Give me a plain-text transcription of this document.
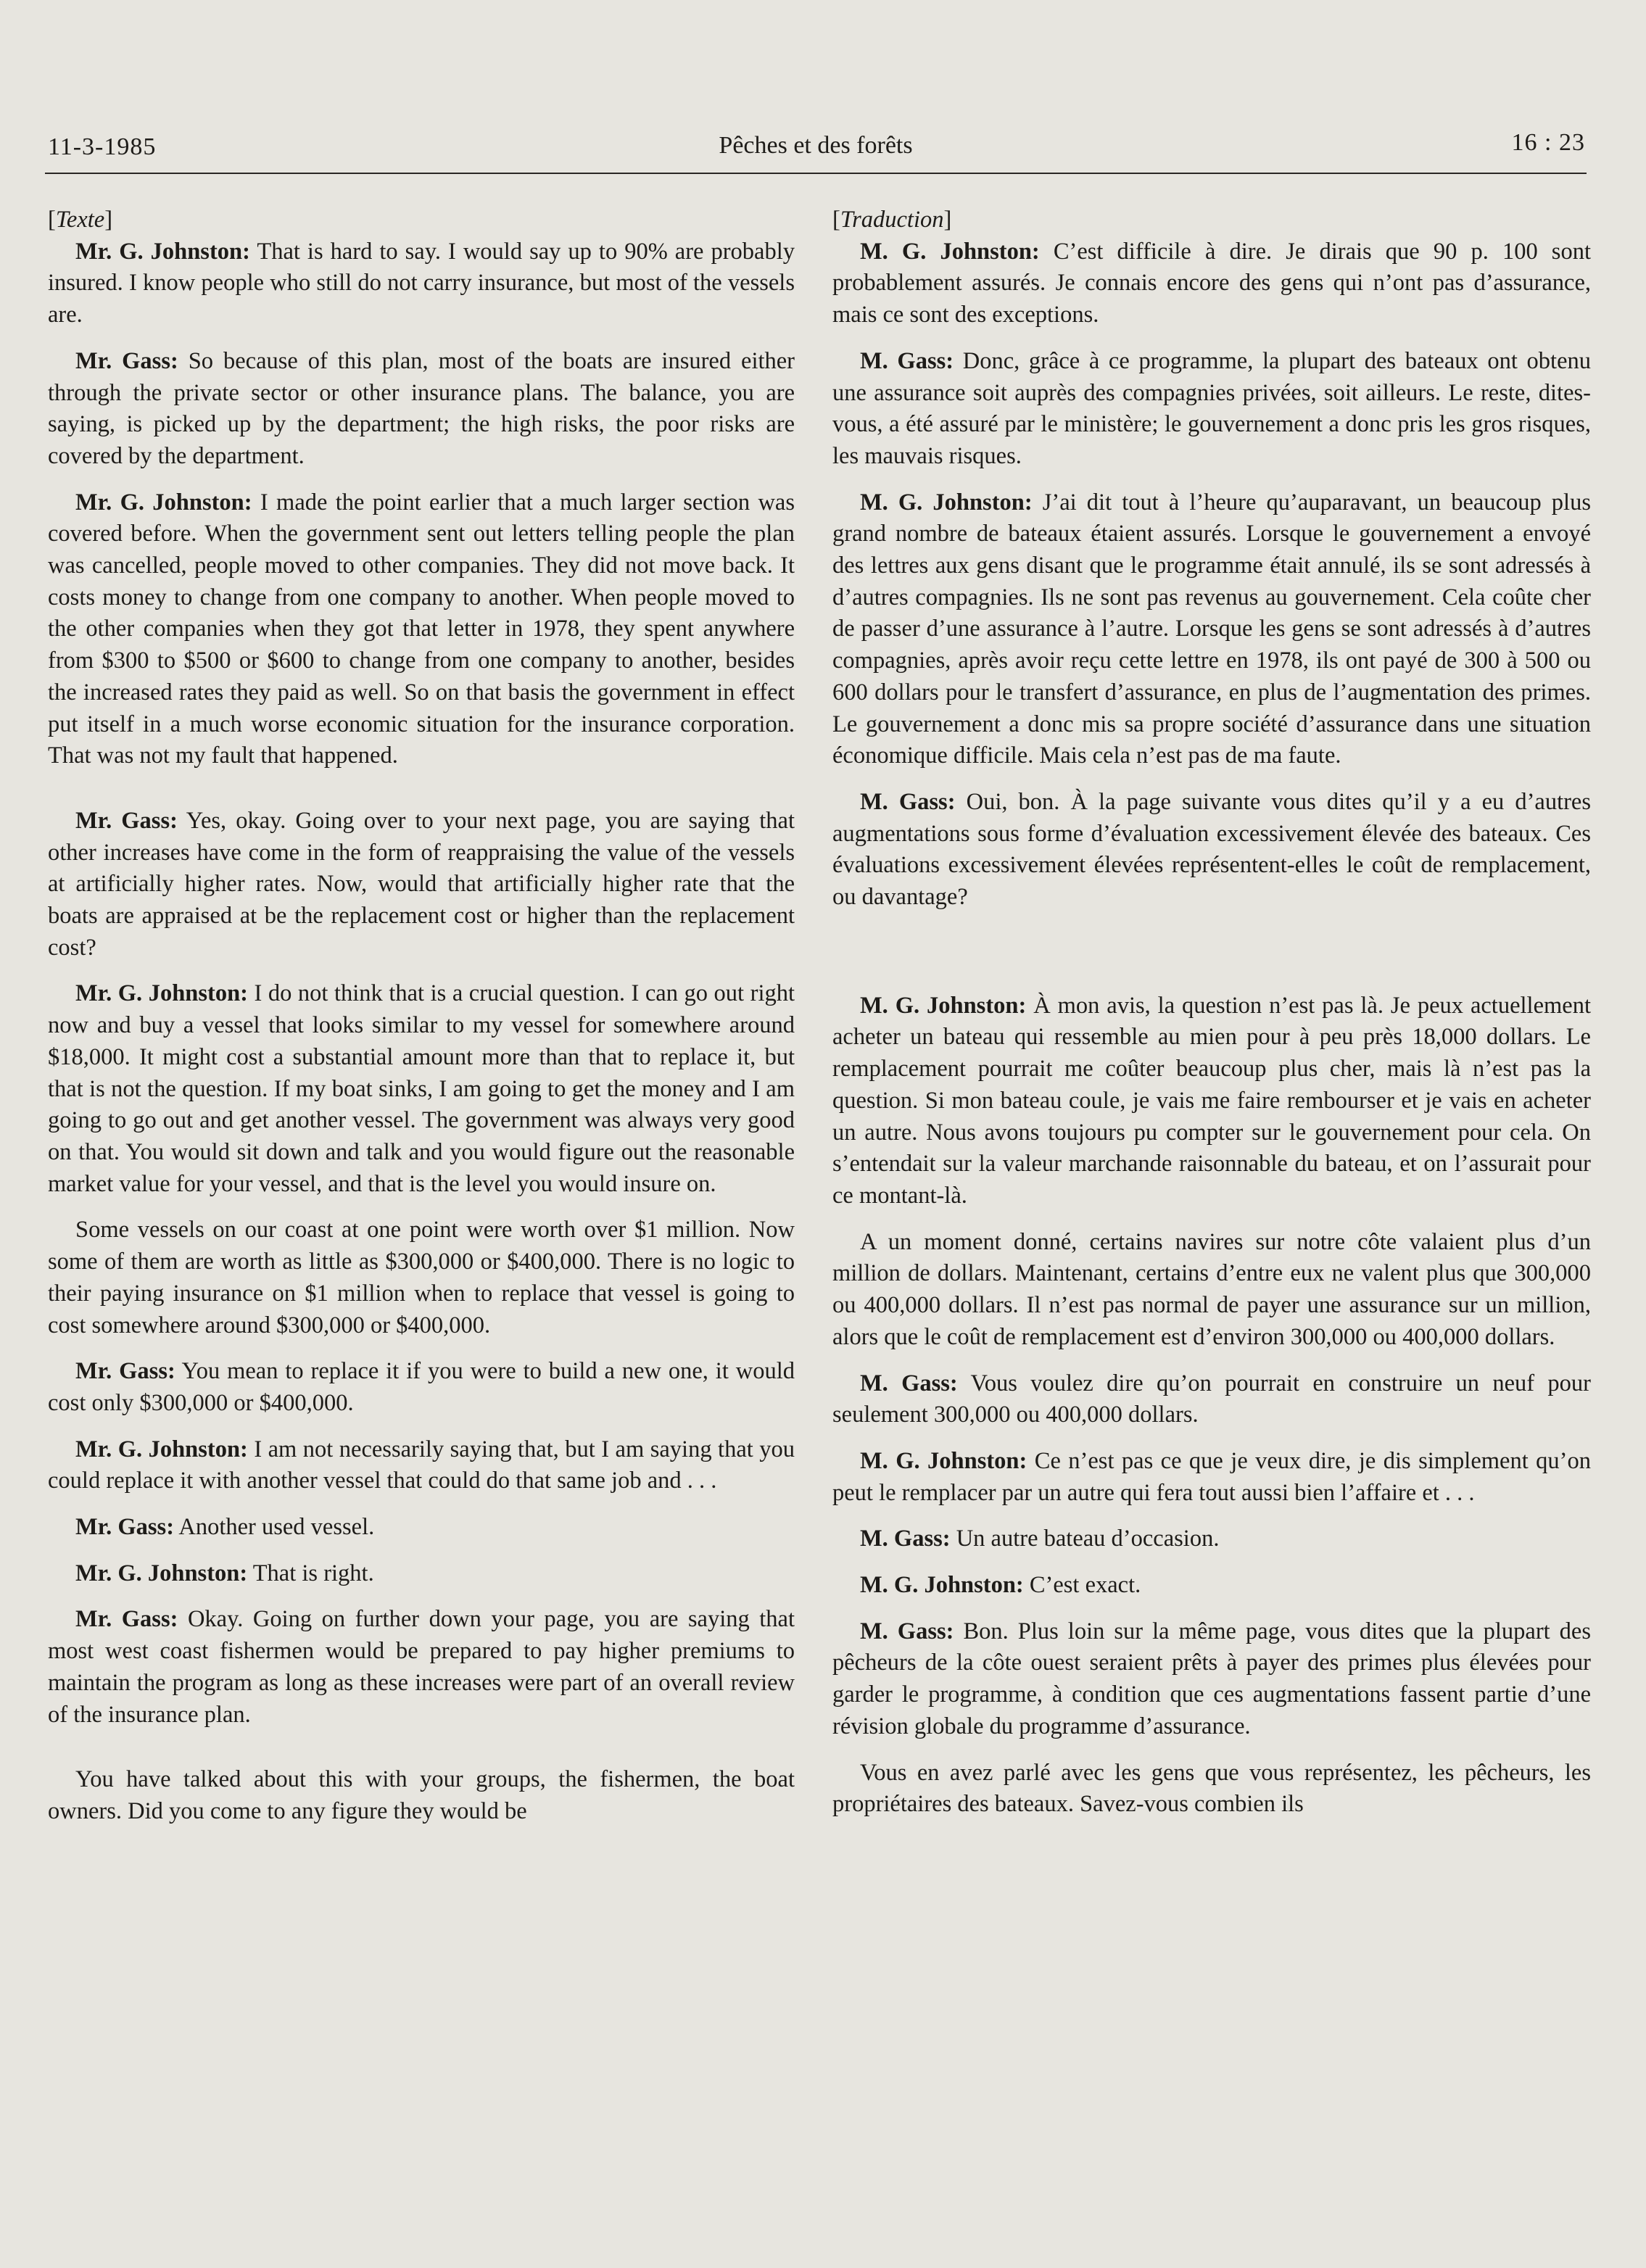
11-3-1985	Pêches et des forêts	16 : 23

[Texte]

Mr. G. Johnston: That is hard to say. I would say up to 90% are probably insured. I know people who still do not carry insurance, but most of the vessels are.

Mr. Gass: So because of this plan, most of the boats are insured either through the private sector or other insurance plans. The balance, you are saying, is picked up by the department; the high risks, the poor risks are covered by the department.

Mr. G. Johnston: I made the point earlier that a much larger section was covered before. When the government sent out letters telling people the plan was cancelled, people moved to other companies. They did not move back. It costs money to change from one company to another. When people moved to the other companies when they got that letter in 1978, they spent anywhere from $300 to $500 or $600 to change from one company to another, besides the increased rates they paid as well. So on that basis the government in effect put itself in a much worse economic situation for the insurance corporation. That was not my fault that happened.

Mr. Gass: Yes, okay. Going over to your next page, you are saying that other increases have come in the form of reappraising the value of the vessels at artificially higher rates. Now, would that artificially higher rate that the boats are appraised at be the replacement cost or higher than the replacement cost?

Mr. G. Johnston: I do not think that is a crucial question. I can go out right now and buy a vessel that looks similar to my vessel for somewhere around $18,000. It might cost a substantial amount more than that to replace it, but that is not the question. If my boat sinks, I am going to get the money and I am going to go out and get another vessel. The government was always very good on that. You would sit down and talk and you would figure out the reasonable market value for your vessel, and that is the level you would insure on.

Some vessels on our coast at one point were worth over $1 million. Now some of them are worth as little as $300,000 or $400,000. There is no logic to their paying insurance on $1 million when to replace that vessel is going to cost somewhere around $300,000 or $400,000.

Mr. Gass: You mean to replace it if you were to build a new one, it would cost only $300,000 or $400,000.

Mr. G. Johnston: I am not necessarily saying that, but I am saying that you could replace it with another vessel that could do that same job and . . .

Mr. Gass: Another used vessel.

Mr. G. Johnston: That is right.

Mr. Gass: Okay. Going on further down your page, you are saying that most west coast fishermen would be prepared to pay higher premiums to maintain the program as long as these increases were part of an overall review of the insurance plan.

You have talked about this with your groups, the fishermen, the boat owners. Did you come to any figure they would be

[Traduction]

M. G. Johnston: C’est difficile à dire. Je dirais que 90 p. 100 sont probablement assurés. Je connais encore des gens qui n’ont pas d’assurance, mais ce sont des exceptions.

M. Gass: Donc, grâce à ce programme, la plupart des bateaux ont obtenu une assurance soit auprès des compagnies privées, soit ailleurs. Le reste, dites-vous, a été assuré par le ministère; le gouvernement a donc pris les gros risques, les mauvais risques.

M. G. Johnston: J’ai dit tout à l’heure qu’auparavant, un beaucoup plus grand nombre de bateaux étaient assurés. Lorsque le gouvernement a envoyé des lettres aux gens disant que le programme était annulé, ils se sont adressés à d’autres compagnies. Ils ne sont pas revenus au gouvernement. Cela coûte cher de passer d’une assurance à l’autre. Lorsque les gens se sont adressés à d’autres compagnies, après avoir reçu cette lettre en 1978, ils ont payé de 300 à 500 ou 600 dollars pour le transfert d’assurance, en plus de l’augmentation des primes. Le gouvernement a donc mis sa propre société d’assurance dans une situation économique difficile. Mais cela n’est pas de ma faute.

M. Gass: Oui, bon. À la page suivante vous dites qu’il y a eu d’autres augmentations sous forme d’évaluation excessivement élevée des bateaux. Ces évaluations excessivement élevées représentent-elles le coût de remplacement, ou davantage?

M. G. Johnston: À mon avis, la question n’est pas là. Je peux actuellement acheter un bateau qui ressemble au mien pour à peu près 18,000 dollars. Le remplacement pourrait me coûter beaucoup plus cher, mais là n’est pas la question. Si mon bateau coule, je vais me faire rembourser et je vais en acheter un autre. Nous avons toujours pu compter sur le gouvernement pour cela. On s’entendait sur la valeur marchande raisonnable du bateau, et on l’assurait pour ce montant-là.

A un moment donné, certains navires sur notre côte valaient plus d’un million de dollars. Maintenant, certains d’entre eux ne valent plus que 300,000 ou 400,000 dollars. Il n’est pas normal de payer une assurance sur un million, alors que le coût de remplacement est d’environ 300,000 ou 400,000 dollars.

M. Gass: Vous voulez dire qu’on pourrait en construire un neuf pour seulement 300,000 ou 400,000 dollars.

M. G. Johnston: Ce n’est pas ce que je veux dire, je dis simplement qu’on peut le remplacer par un autre qui fera tout aussi bien l’affaire et . . .

M. Gass: Un autre bateau d’occasion.

M. G. Johnston: C’est exact.

M. Gass: Bon. Plus loin sur la même page, vous dites que la plupart des pêcheurs de la côte ouest seraient prêts à payer des primes plus élevées pour garder le programme, à condition que ces augmentations fassent partie d’une révision globale du programme d’assurance.

Vous en avez parlé avec les gens que vous représentez, les pêcheurs, les propriétaires des bateaux. Savez-vous combien ils
